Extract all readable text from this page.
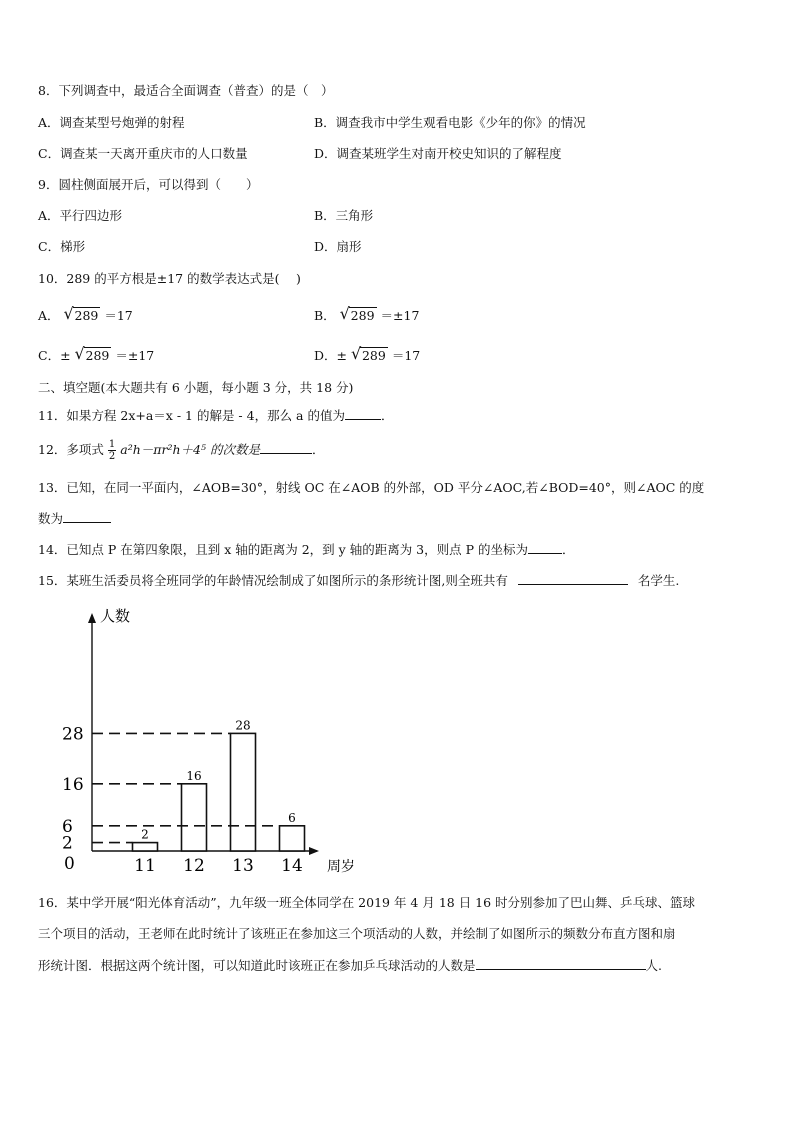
8．下列调查中，最适合全面调查（普查）的是（　）
A．调查某型号炮弹的射程	B．调查我市中学生观看电影《少年的你》的情况
C．调查某一天离开重庆市的人口数量	D．调查某班学生对南开校史知识的了解程度
9．圆柱侧面展开后，可以得到（　　）
A．平行四边形	B．三角形
C．梯形	D．扇形
10．289 的平方根是±17 的数学表达式是(　 )
A． √ 289 ＝17	B． √ 289 ＝±17
C．± √ 289 ＝±17	D．± √ 289 ＝17
二、填空题(本大题共有 6 小题，每小题 3 分，共 18 分)
11．如果方程 2x+a＝x - 1 的解是 - 4，那么 a 的值为	．
12．多项式 $\frac{1}{2} a^2h-\pi r^2h+4^5$ 的次数是	．
13．已知，在同一平面内，∠AOB=30°，射线 OC 在∠AOB 的外部，OD 平分∠AOC,若∠BOD=40°，则∠AOC 的度
数为
14．已知点 P 在第四象限，且到 x 轴的距离为 2，到 y 轴的距离为 3，则点 P 的坐标为	．
15．某班生活委员将全班同学的年龄情况绘制成了如图所示的条形统计图,则全班共有	名学生.
人数
周岁
0
2
11
16
12
28
13
6
14
2
6
16
28
16．某中学开展“阳光体育活动”，九年级一班全体同学在 2019 年 4 月 18 日 16 时分别参加了巴山舞、乒乓球、篮球
三个项目的活动，王老师在此时统计了该班正在参加这三个项活动的人数，并绘制了如图所示的频数分布直方图和扇
形统计图．根据这两个统计图，可以知道此时该班正在参加乒乓球活动的人数是	人.
